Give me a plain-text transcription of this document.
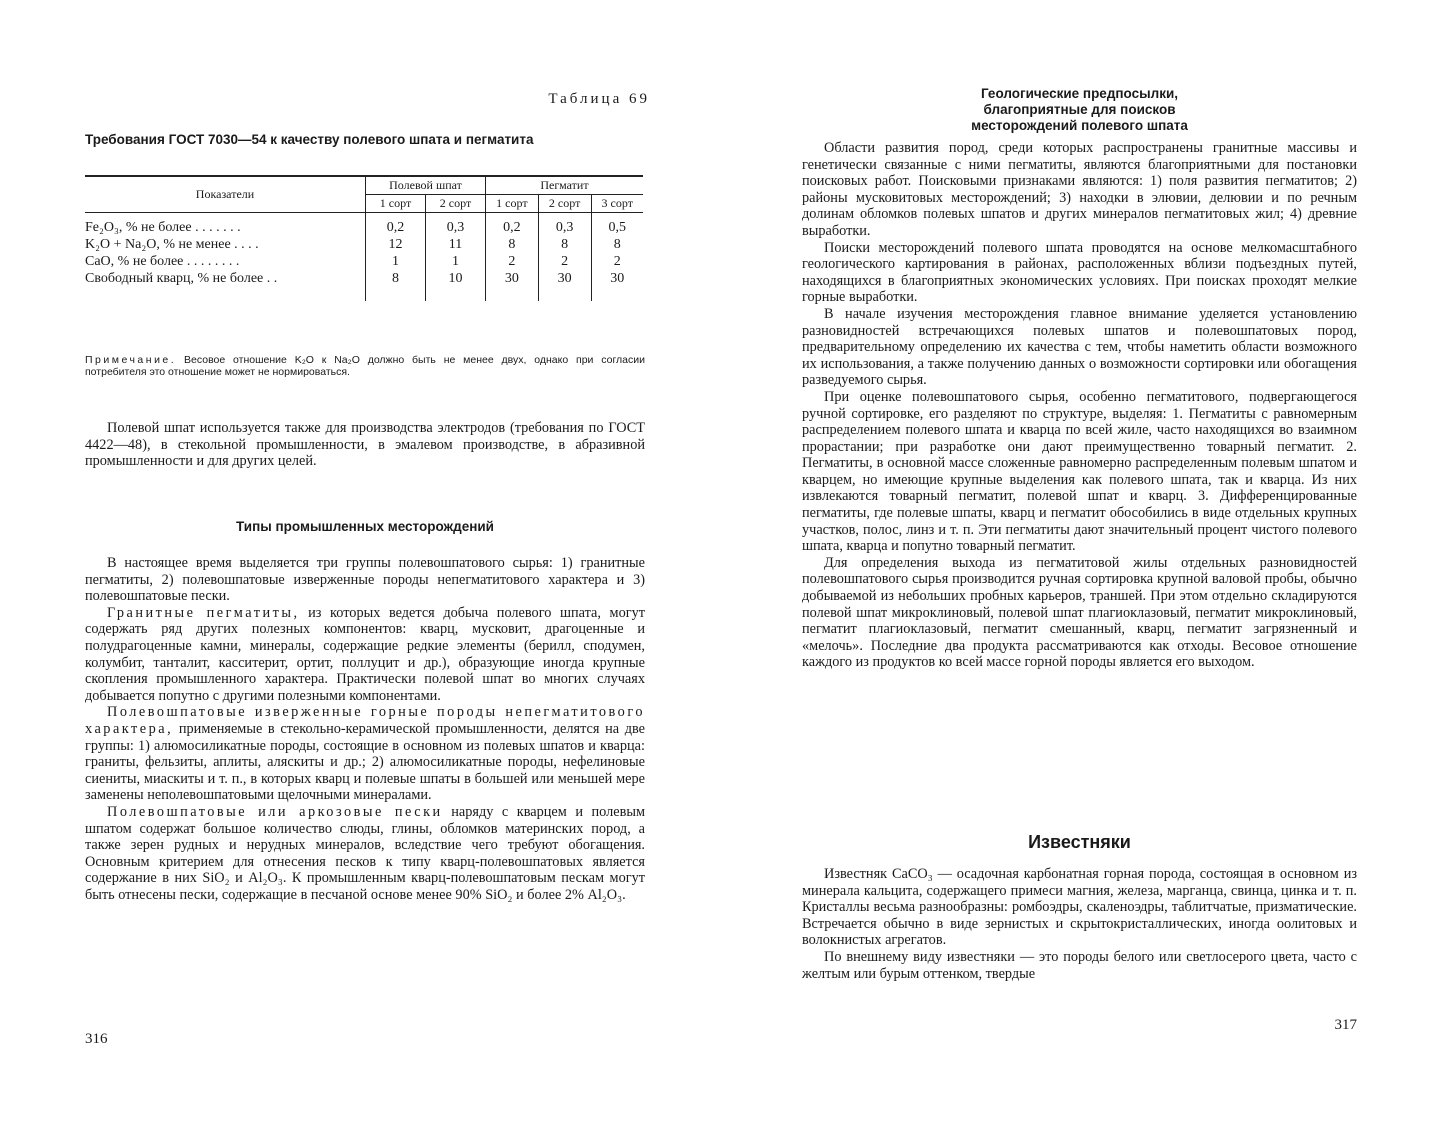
Таблица 69
Требования ГОСТ 7030—54 к качеству полевого шпата и пегматита
Показатели	Полевой шпат		Пегматит		
	1 сорт	2 сорт	1 сорт	2 сорт	3 сорт
Fe₂O₃, % не более . . . . . . .	0,2	0,3	0,2	0,3	0,5
K₂O + Na₂O, % не менее . . . .	12	11	8	8	8
CaO, % не более . . . . . . . .	1	1	2	2	2
Свободный кварц, % не более . .	8	10	30	30	30
Примечание. Весовое отношение K₂O к Na₂O должно быть не менее двух, однако при согласии потребителя это отношение может не нормироваться.

Полевой шпат используется также для производства электродов (требования по ГОСТ 4422—48), в стекольной промышленности, в эмалевом производстве, в абразивной промышленности и для других целей.

Типы промышленных месторождений

В настоящее время выделяется три группы полевошпатового сырья: 1) гранитные пегматиты, 2) полевошпатовые изверженные породы непегматитового характера и 3) полевошпатовые пески.

Гранитные пегматиты, из которых ведется добыча полевого шпата, могут содержать ряд других полезных компонентов: кварц, мусковит, драгоценные и полудрагоценные камни, минералы, содержащие редкие элементы (берилл, сподумен, колумбит, танталит, касситерит, ортит, поллуцит и др.), образующие иногда крупные скопления промышленного характера. Практически полевой шпат во многих случаях добывается попутно с другими полезными компонентами.

Полевошпатовые изверженные горные породы непегматитового характера, применяемые в стекольно-керамической промышленности, делятся на две группы: 1) алюмосиликатные породы, состоящие в основном из полевых шпатов и кварца: граниты, фельзиты, аплиты, аляскиты и др.; 2) алюмосиликатные породы, нефелиновые сиениты, миаскиты и т. п., в которых кварц и полевые шпаты в большей или меньшей мере заменены неполевошпатовыми щелочными минералами.

Полевошпатовые или аркозовые пески наряду с кварцем и полевым шпатом содержат большое количество слюды, глины, обломков материнских пород, а также зерен рудных и нерудных минералов, вследствие чего требуют обогащения. Основным критерием для отнесения песков к типу кварц-полевошпатовых является содержание в них SiO₂ и Al₂O₃. К промышленным кварц-полевошпатовым пескам могут быть отнесены пески, содержащие в песчаной основе менее 90% SiO₂ и более 2% Al₂O₃.

316
Геологические предпосылки,
благоприятные для поисков
месторождений полевого шпата

Области развития пород, среди которых распространены гранитные массивы и генетически связанные с ними пегматиты, являются благоприятными для постановки поисковых работ. Поисковыми признаками являются: 1) поля развития пегматитов; 2) районы мусковитовых месторождений; 3) находки в элювии, делювии и по речным долинам обломков полевых шпатов и других минералов пегматитовых жил; 4) древние выработки.

Поиски месторождений полевого шпата проводятся на основе мелкомасштабного геологического картирования в районах, расположенных вблизи подъездных путей, находящихся в благоприятных экономических условиях. При поисках проходят мелкие горные выработки.

В начале изучения месторождения главное внимание уделяется установлению разновидностей встречающихся полевых шпатов и полевошпатовых пород, предварительному определению их качества с тем, чтобы наметить области возможного их использования, а также получению данных о возможности сортировки или обогащения разведуемого сырья.

При оценке полевошпатового сырья, особенно пегматитового, подвергающегося ручной сортировке, его разделяют по структуре, выделяя: 1. Пегматиты с равномерным распределением полевого шпата и кварца по всей жиле, часто находящихся во взаимном прорастании; при разработке они дают преимущественно товарный пегматит. 2. Пегматиты, в основной массе сложенные равномерно распределенным полевым шпатом и кварцем, но имеющие крупные выделения как полевого шпата, так и кварца. Из них извлекаются товарный пегматит, полевой шпат и кварц. 3. Дифференцированные пегматиты, где полевые шпаты, кварц и пегматит обособились в виде отдельных крупных участков, полос, линз и т. п. Эти пегматиты дают значительный процент чистого полевого шпата, кварца и попутно товарный пегматит.

Для определения выхода из пегматитовой жилы отдельных разновидностей полевошпатового сырья производится ручная сортировка крупной валовой пробы, обычно добываемой из небольших пробных карьеров, траншей. При этом отдельно складируются полевой шпат микроклиновый, полевой шпат плагиоклазовый, пегматит микроклиновый, пегматит плагиоклазовый, пегматит смешанный, кварц, пегматит загрязненный и «мелочь». Последние два продукта рассматриваются как отходы. Весовое отношение каждого из продуктов ко всей массе горной породы является его выходом.

Известняки

Известняк CaCO₃ — осадочная карбонатная горная порода, состоящая в основном из минерала кальцита, содержащего примеси магния, железа, марганца, свинца, цинка и т. п. Кристаллы весьма разнообразны: ромбоэдры, скаленоэдры, таблитчатые, призматические. Встречается обычно в виде зернистых и скрытокристаллических, иногда оолитовых и волокнистых агрегатов.

По внешнему виду известняки — это породы белого или светлосерого цвета, часто с желтым или бурым оттенком, твердые

317
